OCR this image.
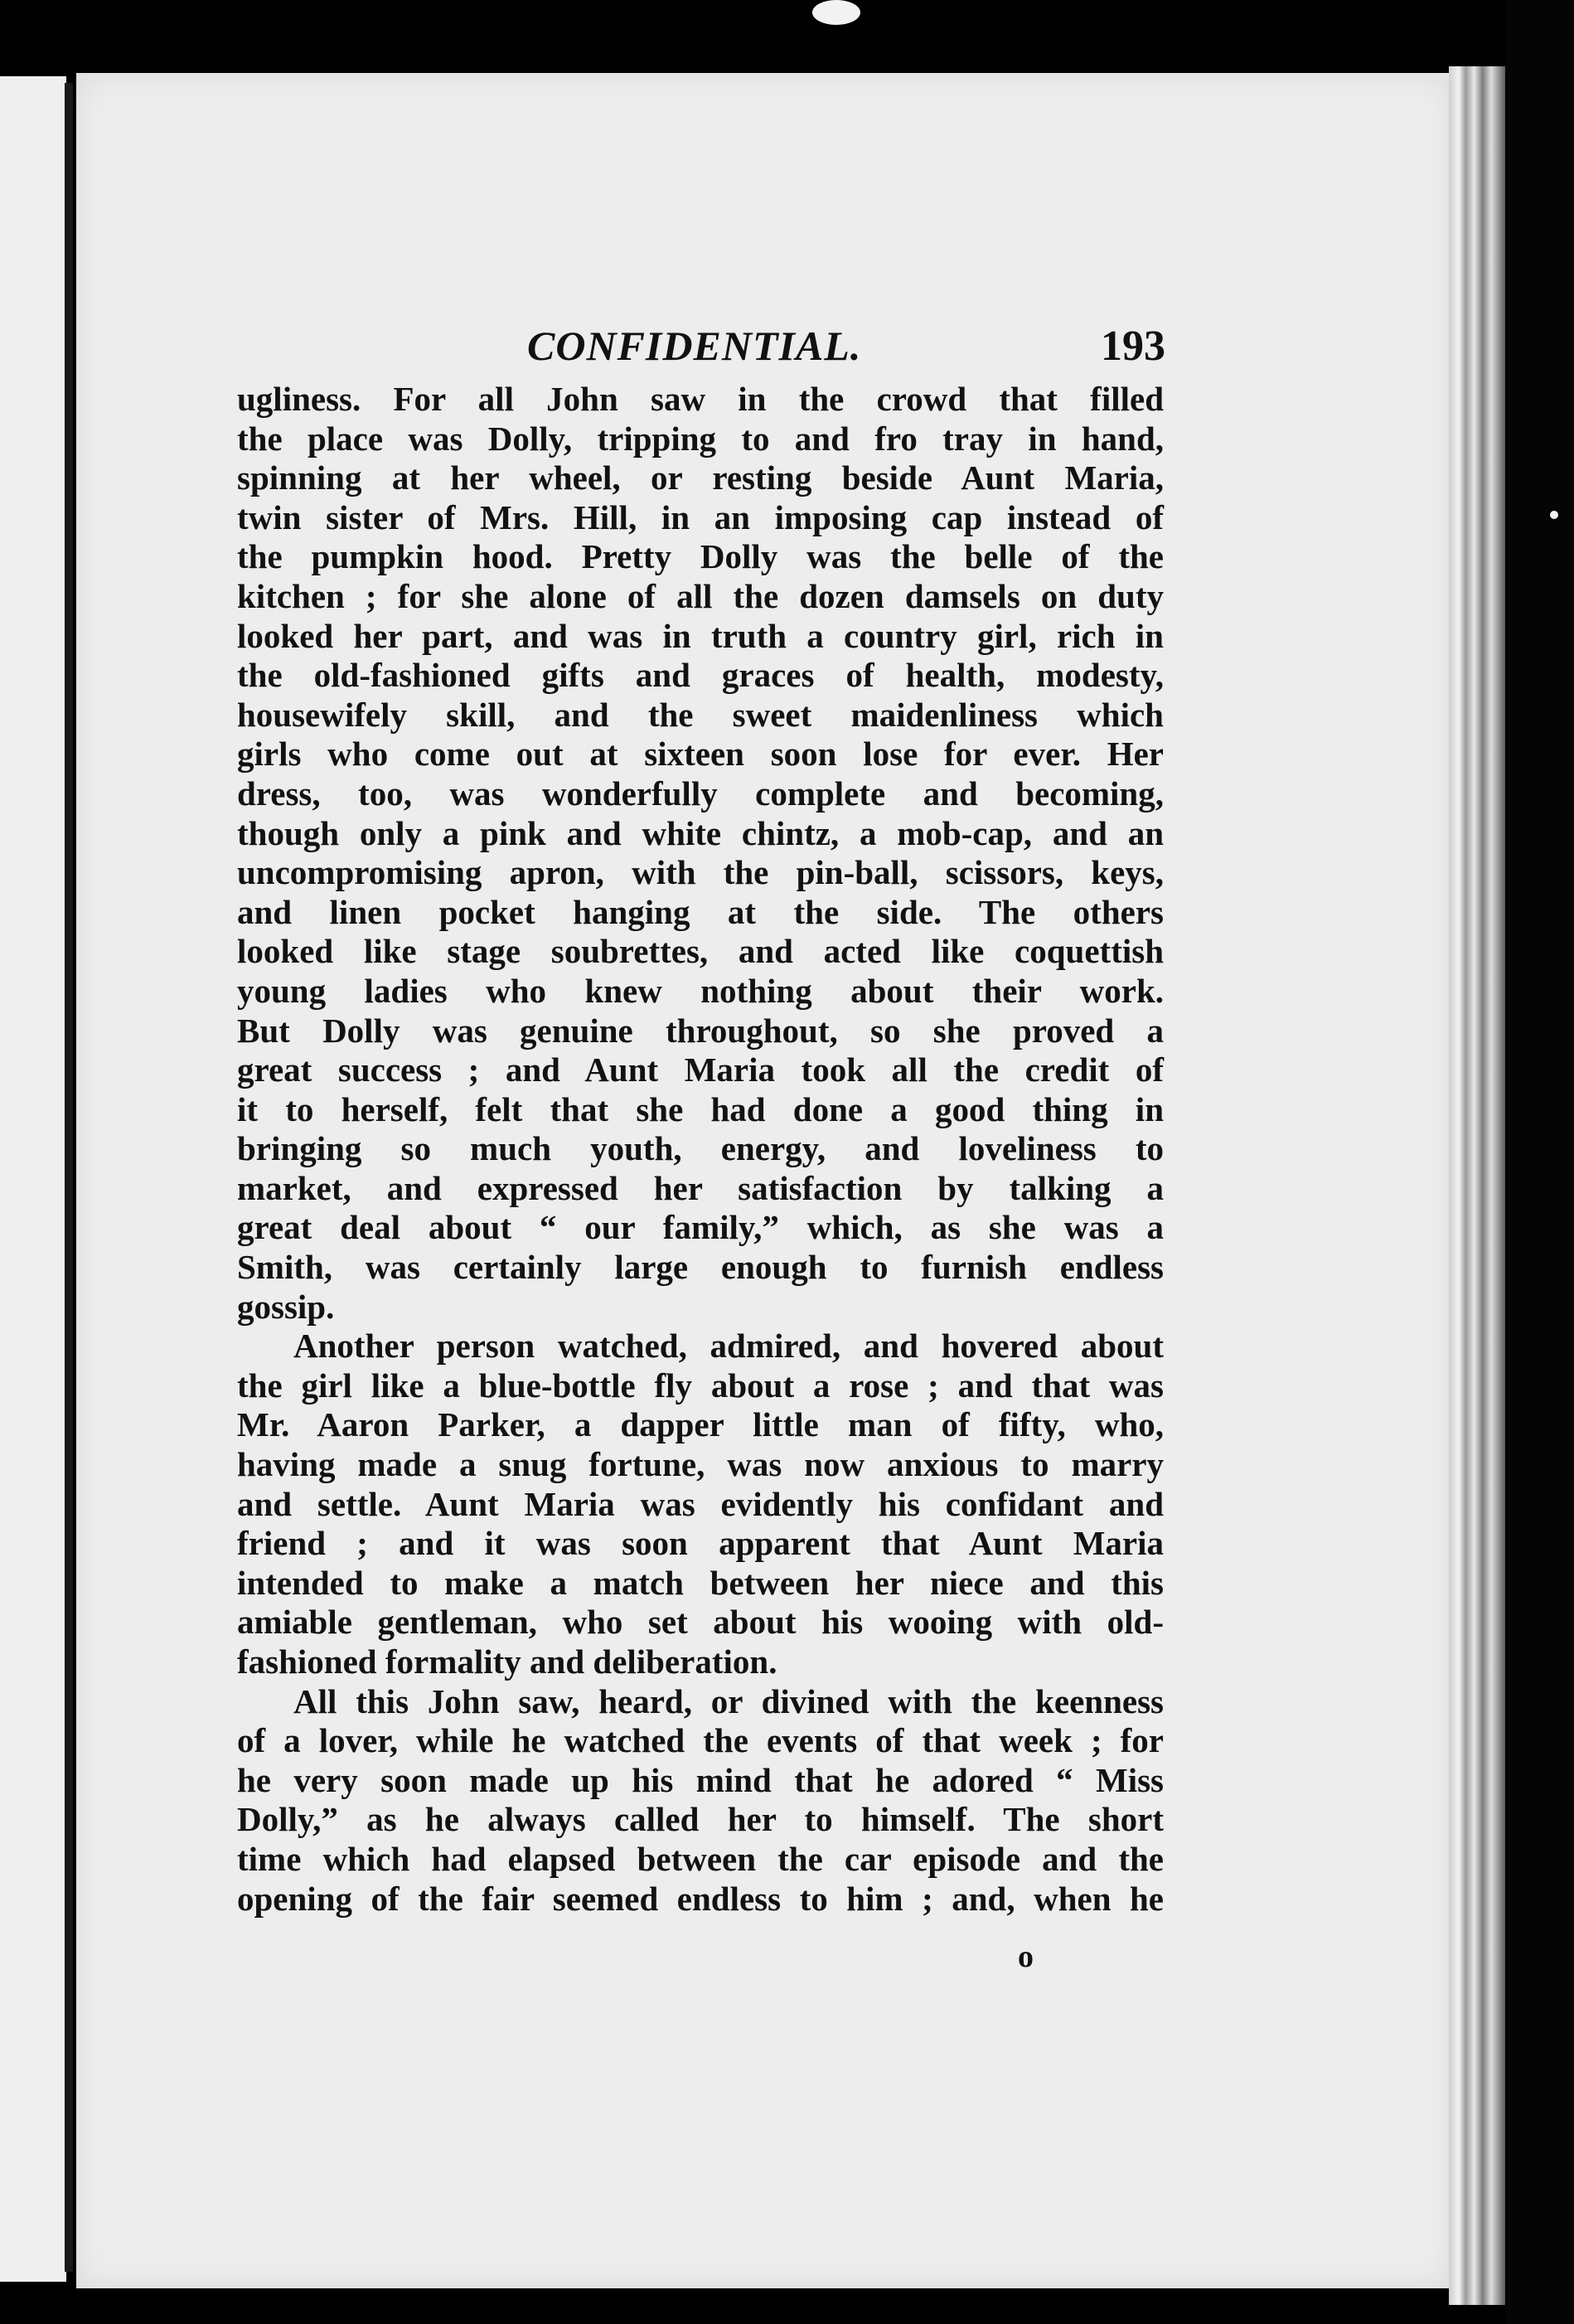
CONFIDENTIAL.	193
ugliness. For all John saw in the crowd that filled
the place was Dolly, tripping to and fro tray in hand,
spinning at her wheel, or resting beside Aunt Maria,
twin sister of Mrs. Hill, in an imposing cap instead of
the pumpkin hood. Pretty Dolly was the belle of the
kitchen ; for she alone of all the dozen damsels on duty
looked her part, and was in truth a country girl, rich in
the old-fashioned gifts and graces of health, modesty,
housewifely skill, and the sweet maidenliness which
girls who come out at sixteen soon lose for ever. Her
dress, too, was wonderfully complete and becoming,
though only a pink and white chintz, a mob-cap, and an
uncompromising apron, with the pin-ball, scissors, keys,
and linen pocket hanging at the side. The others
looked like stage soubrettes, and acted like coquettish
young ladies who knew nothing about their work.
But Dolly was genuine throughout, so she proved a
great success ; and Aunt Maria took all the credit of
it to herself, felt that she had done a good thing in
bringing so much youth, energy, and loveliness to
market, and expressed her satisfaction by talking a
great deal about “ our family,” which, as she was a
Smith, was certainly large enough to furnish endless
gossip.
Another person watched, admired, and hovered about
the girl like a blue-bottle fly about a rose ; and that was
Mr. Aaron Parker, a dapper little man of fifty, who,
having made a snug fortune, was now anxious to marry
and settle. Aunt Maria was evidently his confidant and
friend ; and it was soon apparent that Aunt Maria
intended to make a match between her niece and this
amiable gentleman, who set about his wooing with old-
fashioned formality and deliberation.
All this John saw, heard, or divined with the keenness
of a lover, while he watched the events of that week ; for
he very soon made up his mind that he adored “ Miss
Dolly,” as he always called her to himself. The short
time which had elapsed between the car episode and the
opening of the fair seemed endless to him ; and, when he
o
